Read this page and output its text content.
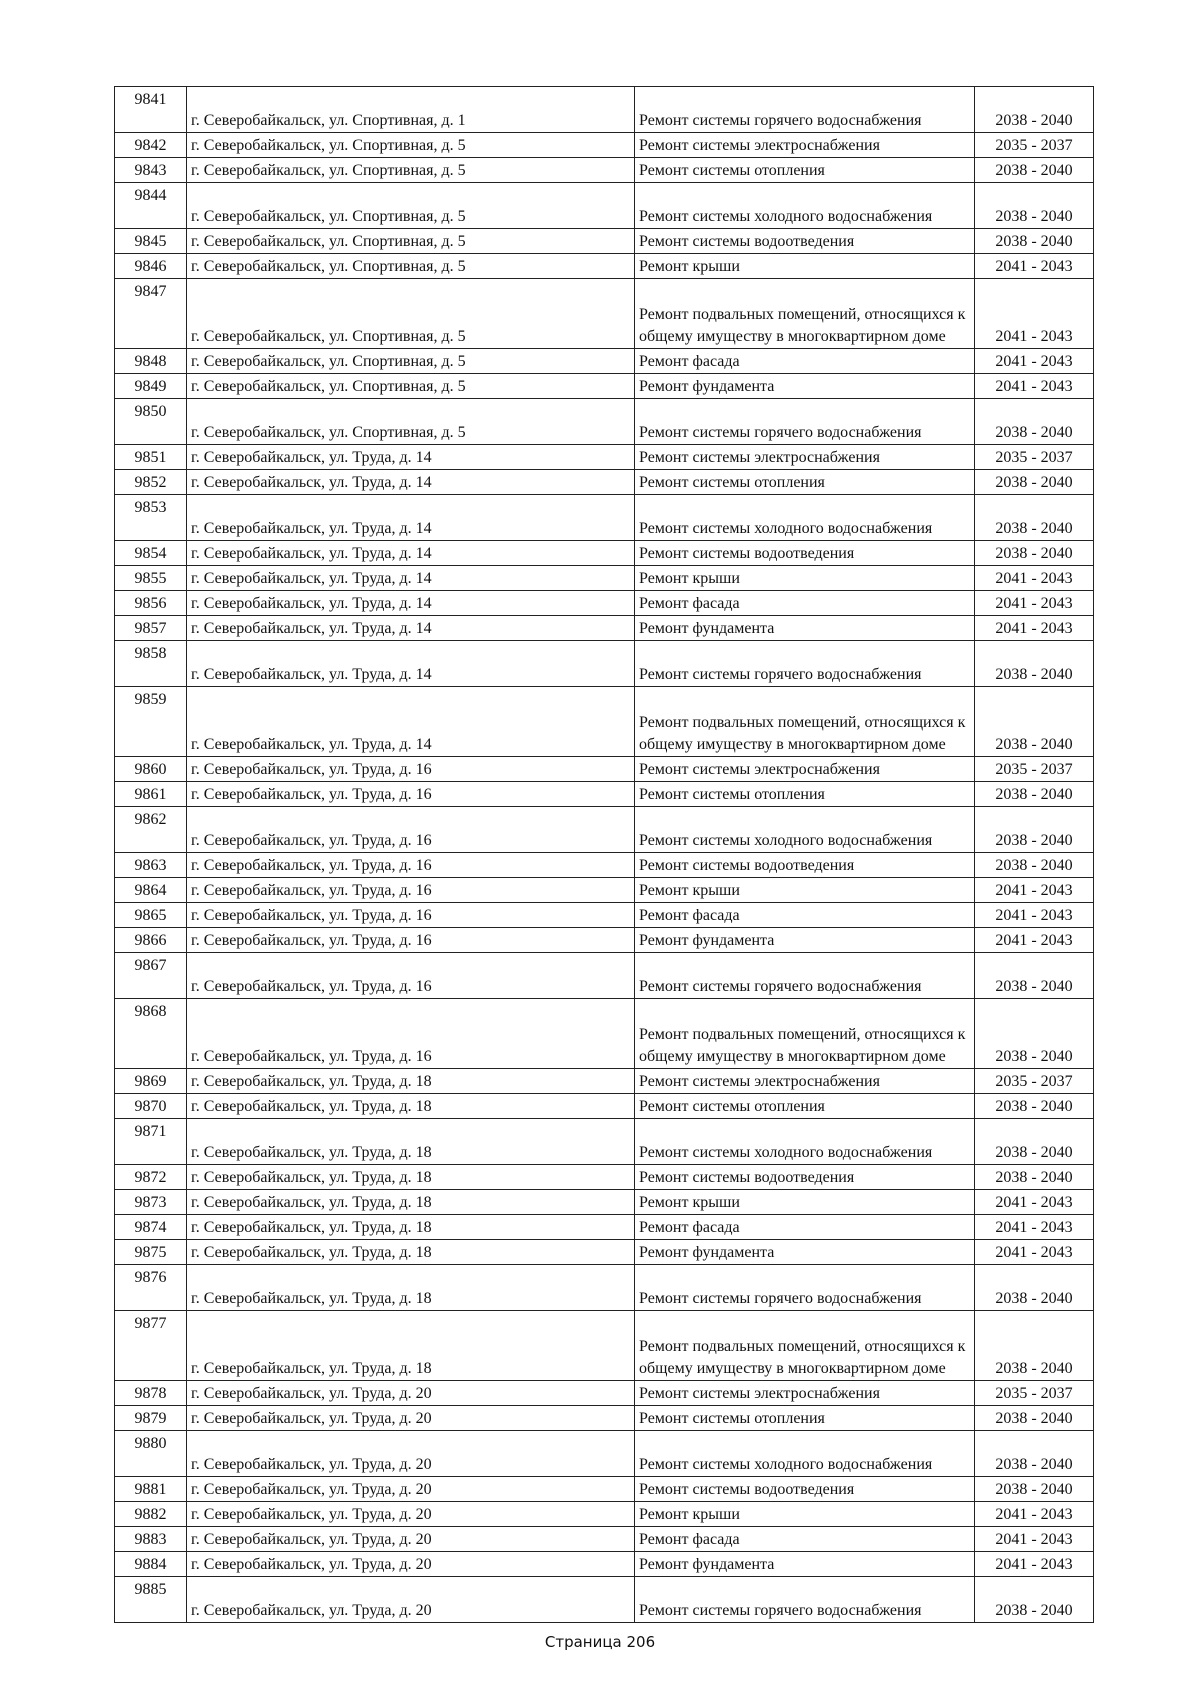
9841	г. Северобайкальск, ул. Спортивная, д. 1	Ремонт системы горячего водоснабжения	2038 - 2040
9842	г. Северобайкальск, ул. Спортивная, д. 5	Ремонт системы электроснабжения	2035 - 2037
9843	г. Северобайкальск, ул. Спортивная, д. 5	Ремонт системы отопления	2038 - 2040
9844	г. Северобайкальск, ул. Спортивная, д. 5	Ремонт системы холодного водоснабжения	2038 - 2040
9845	г. Северобайкальск, ул. Спортивная, д. 5	Ремонт системы водоотведения	2038 - 2040
9846	г. Северобайкальск, ул. Спортивная, д. 5	Ремонт крыши	2041 - 2043
9847	г. Северобайкальск, ул. Спортивная, д. 5	Ремонт подвальных помещений, относящихся к общему имуществу в многоквартирном доме	2041 - 2043
9848	г. Северобайкальск, ул. Спортивная, д. 5	Ремонт фасада	2041 - 2043
9849	г. Северобайкальск, ул. Спортивная, д. 5	Ремонт фундамента	2041 - 2043
9850	г. Северобайкальск, ул. Спортивная, д. 5	Ремонт системы горячего водоснабжения	2038 - 2040
9851	г. Северобайкальск, ул. Труда, д. 14	Ремонт системы электроснабжения	2035 - 2037
9852	г. Северобайкальск, ул. Труда, д. 14	Ремонт системы отопления	2038 - 2040
9853	г. Северобайкальск, ул. Труда, д. 14	Ремонт системы холодного водоснабжения	2038 - 2040
9854	г. Северобайкальск, ул. Труда, д. 14	Ремонт системы водоотведения	2038 - 2040
9855	г. Северобайкальск, ул. Труда, д. 14	Ремонт крыши	2041 - 2043
9856	г. Северобайкальск, ул. Труда, д. 14	Ремонт фасада	2041 - 2043
9857	г. Северобайкальск, ул. Труда, д. 14	Ремонт фундамента	2041 - 2043
9858	г. Северобайкальск, ул. Труда, д. 14	Ремонт системы горячего водоснабжения	2038 - 2040
9859	г. Северобайкальск, ул. Труда, д. 14	Ремонт подвальных помещений, относящихся к общему имуществу в многоквартирном доме	2038 - 2040
9860	г. Северобайкальск, ул. Труда, д. 16	Ремонт системы электроснабжения	2035 - 2037
9861	г. Северобайкальск, ул. Труда, д. 16	Ремонт системы отопления	2038 - 2040
9862	г. Северобайкальск, ул. Труда, д. 16	Ремонт системы холодного водоснабжения	2038 - 2040
9863	г. Северобайкальск, ул. Труда, д. 16	Ремонт системы водоотведения	2038 - 2040
9864	г. Северобайкальск, ул. Труда, д. 16	Ремонт крыши	2041 - 2043
9865	г. Северобайкальск, ул. Труда, д. 16	Ремонт фасада	2041 - 2043
9866	г. Северобайкальск, ул. Труда, д. 16	Ремонт фундамента	2041 - 2043
9867	г. Северобайкальск, ул. Труда, д. 16	Ремонт системы горячего водоснабжения	2038 - 2040
9868	г. Северобайкальск, ул. Труда, д. 16	Ремонт подвальных помещений, относящихся к общему имуществу в многоквартирном доме	2038 - 2040
9869	г. Северобайкальск, ул. Труда, д. 18	Ремонт системы электроснабжения	2035 - 2037
9870	г. Северобайкальск, ул. Труда, д. 18	Ремонт системы отопления	2038 - 2040
9871	г. Северобайкальск, ул. Труда, д. 18	Ремонт системы холодного водоснабжения	2038 - 2040
9872	г. Северобайкальск, ул. Труда, д. 18	Ремонт системы водоотведения	2038 - 2040
9873	г. Северобайкальск, ул. Труда, д. 18	Ремонт крыши	2041 - 2043
9874	г. Северобайкальск, ул. Труда, д. 18	Ремонт фасада	2041 - 2043
9875	г. Северобайкальск, ул. Труда, д. 18	Ремонт фундамента	2041 - 2043
9876	г. Северобайкальск, ул. Труда, д. 18	Ремонт системы горячего водоснабжения	2038 - 2040
9877	г. Северобайкальск, ул. Труда, д. 18	Ремонт подвальных помещений, относящихся к общему имуществу в многоквартирном доме	2038 - 2040
9878	г. Северобайкальск, ул. Труда, д. 20	Ремонт системы электроснабжения	2035 - 2037
9879	г. Северобайкальск, ул. Труда, д. 20	Ремонт системы отопления	2038 - 2040
9880	г. Северобайкальск, ул. Труда, д. 20	Ремонт системы холодного водоснабжения	2038 - 2040
9881	г. Северобайкальск, ул. Труда, д. 20	Ремонт системы водоотведения	2038 - 2040
9882	г. Северобайкальск, ул. Труда, д. 20	Ремонт крыши	2041 - 2043
9883	г. Северобайкальск, ул. Труда, д. 20	Ремонт фасада	2041 - 2043
9884	г. Северобайкальск, ул. Труда, д. 20	Ремонт фундамента	2041 - 2043
9885	г. Северобайкальск, ул. Труда, д. 20	Ремонт системы горячего водоснабжения	2038 - 2040
Страница 206
